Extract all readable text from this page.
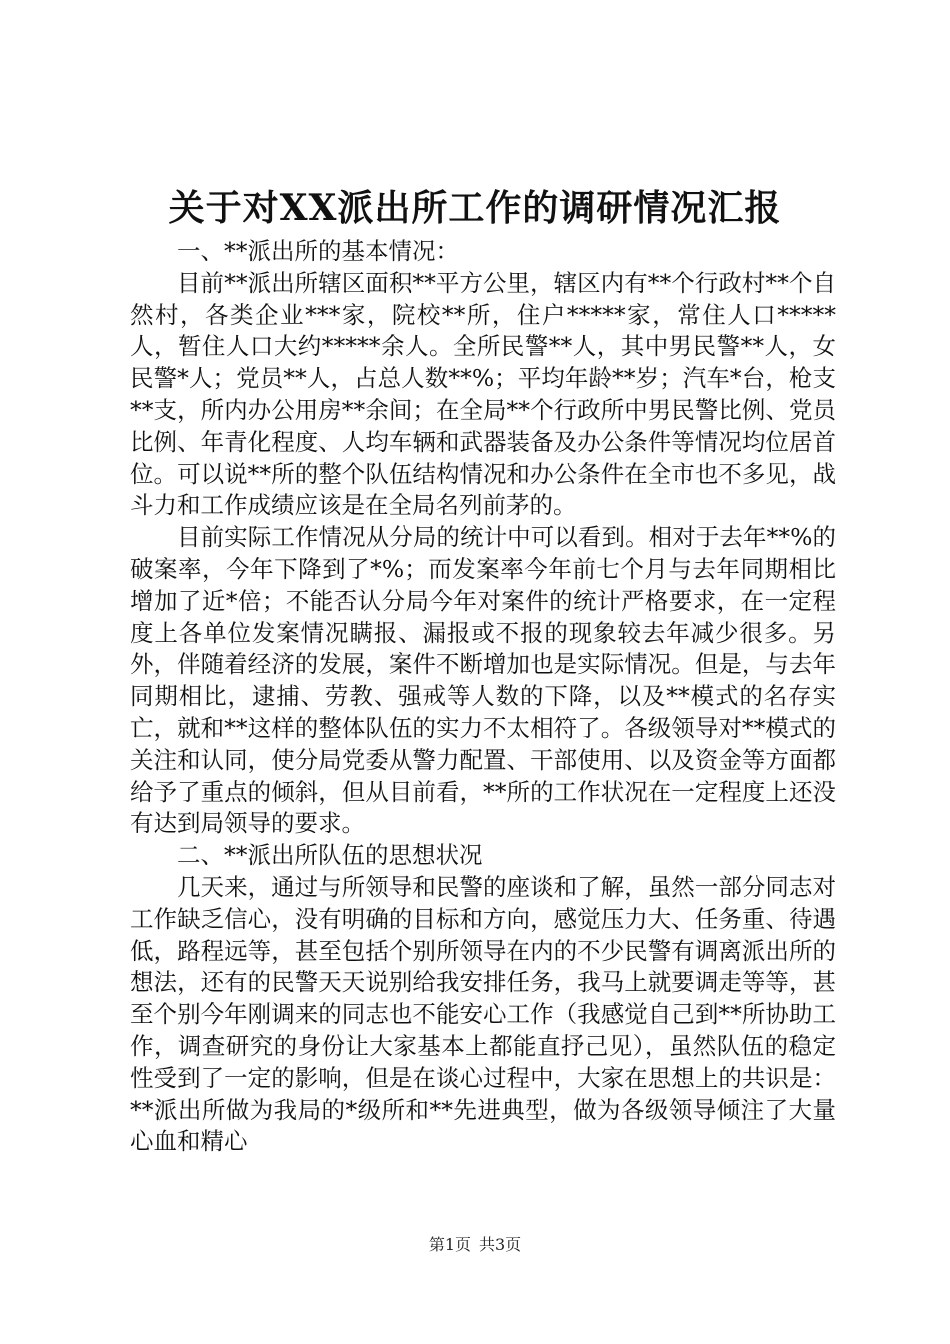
关于对XX派出所工作的调研情况汇报

一、**派出所的基本情况：

目前**派出所辖区面积**平方公里，辖区内有**个行政村**个自然村，各类企业***家，院校**所，住户*****家，常住人口*****人，暂住人口大约*****余人。全所民警**人，其中男民警**人，女民警*人；党员**人，占总人数**%；平均年龄**岁；汽车*台，枪支**支，所内办公用房**余间；在全局**个行政所中男民警比例、党员比例、年青化程度、人均车辆和武器装备及办公条件等情况均位居首位。可以说**所的整个队伍结构情况和办公条件在全市也不多见，战斗力和工作成绩应该是在全局名列前茅的。

目前实际工作情况从分局的统计中可以看到。相对于去年**%的破案率，今年下降到了*%；而发案率今年前七个月与去年同期相比增加了近*倍；不能否认分局今年对案件的统计严格要求，在一定程度上各单位发案情况瞒报、漏报或不报的现象较去年减少很多。另外，伴随着经济的发展，案件不断增加也是实际情况。但是，与去年同期相比，逮捕、劳教、强戒等人数的下降，以及**模式的名存实亡，就和**这样的整体队伍的实力不太相符了。各级领导对**模式的关注和认同，使分局党委从警力配置、干部使用、以及资金等方面都给予了重点的倾斜，但从目前看，**所的工作状况在一定程度上还没有达到局领导的要求。

二、**派出所队伍的思想状况

几天来，通过与所领导和民警的座谈和了解，虽然一部分同志对工作缺乏信心，没有明确的目标和方向，感觉压力大、任务重、待遇低，路程远等，甚至包括个别所领导在内的不少民警有调离派出所的想法，还有的民警天天说别给我安排任务，我马上就要调走等等，甚至个别今年刚调来的同志也不能安心工作（我感觉自己到**所协助工作，调查研究的身份让大家基本上都能直抒己见），虽然队伍的稳定性受到了一定的影响，但是在谈心过程中，大家在思想上的共识是：**派出所做为我局的*级所和**先进典型，做为各级领导倾注了大量心血和精心

第1页 共3页
